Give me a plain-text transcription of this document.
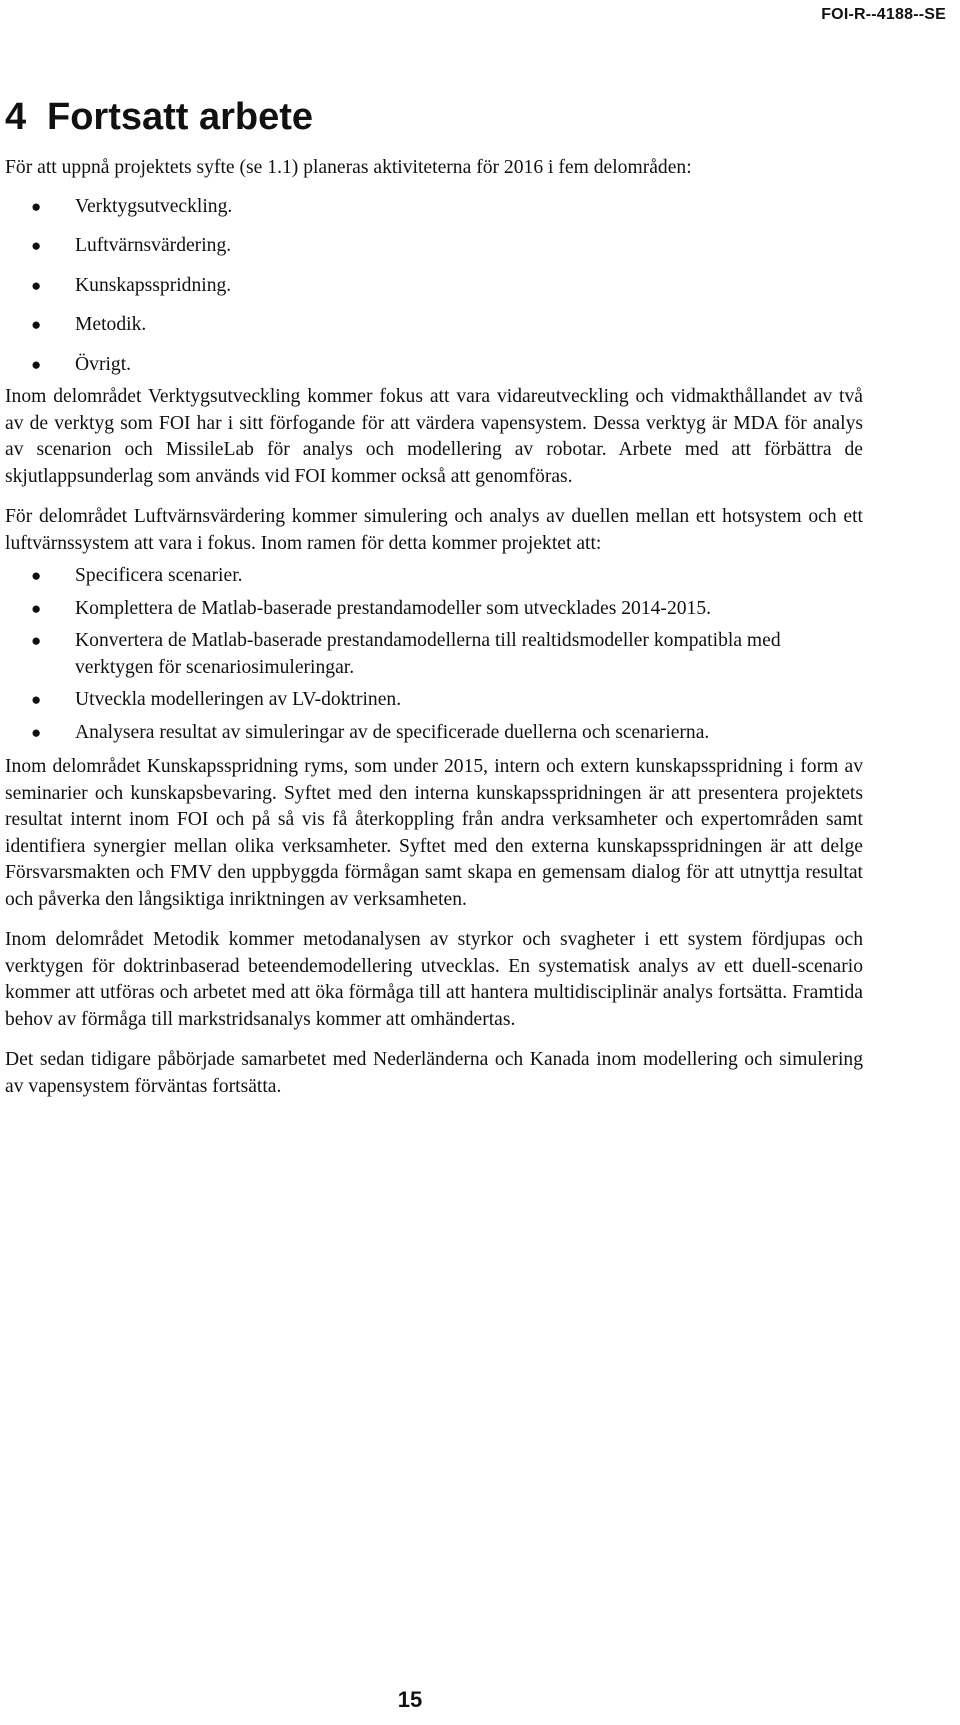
FOI-R--4188--SE
4 Fortsatt arbete

För att uppnå projektets syfte (se 1.1) planeras aktiviteterna för 2016 i fem delområden:

● Verktygsutveckling.
● Luftvärnsvärdering.
● Kunskapsspridning.
● Metodik.
● Övrigt.

Inom delområdet Verktygsutveckling kommer fokus att vara vidareutveckling och vidmakthållandet av två av de verktyg som FOI har i sitt förfogande för att värdera vapensystem. Dessa verktyg är MDA för analys av scenarion och MissileLab för analys och modellering av robotar. Arbete med att förbättra de skjutlappsunderlag som används vid FOI kommer också att genomföras.

För delområdet Luftvärnsvärdering kommer simulering och analys av duellen mellan ett hotsystem och ett luftvärnssystem att vara i fokus. Inom ramen för detta kommer projektet att:

● Specificera scenarier.
● Komplettera de Matlab-baserade prestandamodeller som utvecklades 2014-2015.
● Konvertera de Matlab-baserade prestandamodellerna till realtidsmodeller kompatibla med verktygen för scenariosimuleringar.
● Utveckla modelleringen av LV-doktrinen.
● Analysera resultat av simuleringar av de specificerade duellerna och scenarierna.

Inom delområdet Kunskapsspridning ryms, som under 2015, intern och extern kunskapsspridning i form av seminarier och kunskapsbevaring. Syftet med den interna kunskapsspridningen är att presentera projektets resultat internt inom FOI och på så vis få återkoppling från andra verksamheter och expertområden samt identifiera synergier mellan olika verksamheter. Syftet med den externa kunskapsspridningen är att delge Försvarsmakten och FMV den uppbyggda förmågan samt skapa en gemensam dialog för att utnyttja resultat och påverka den långsiktiga inriktningen av verksamheten.

Inom delområdet Metodik kommer metodanalysen av styrkor och svagheter i ett system fördjupas och verktygen för doktrinbaserad beteendemodellering utvecklas. En systematisk analys av ett duell-scenario kommer att utföras och arbetet med att öka förmåga till att hantera multidisciplinär analys fortsätta. Framtida behov av förmåga till markstridsanalys kommer att omhändertas.

Det sedan tidigare påbörjade samarbetet med Nederländerna och Kanada inom modellering och simulering av vapensystem förväntas fortsätta.

15
